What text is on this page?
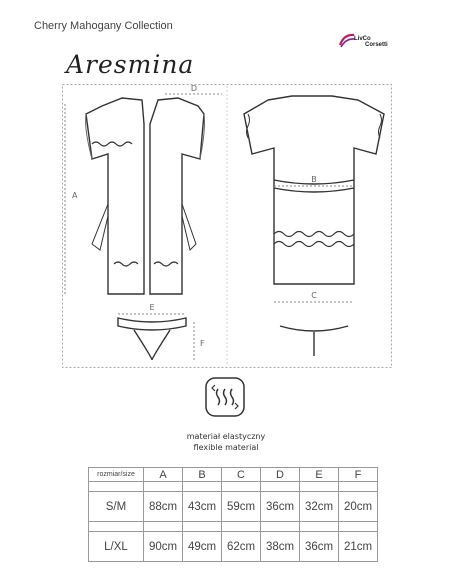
Cherry Mahogany Collection
LivCo
Corsetti
Aresmina
D
A
B
C
E
F
materiał elastyczny
flexible material
rozmiar/size	A	B	C	D	E	F

S/M	88cm	43cm	59cm	36cm	32cm	20cm

L/XL	90cm	49cm	62cm	38cm	36cm	21cm
